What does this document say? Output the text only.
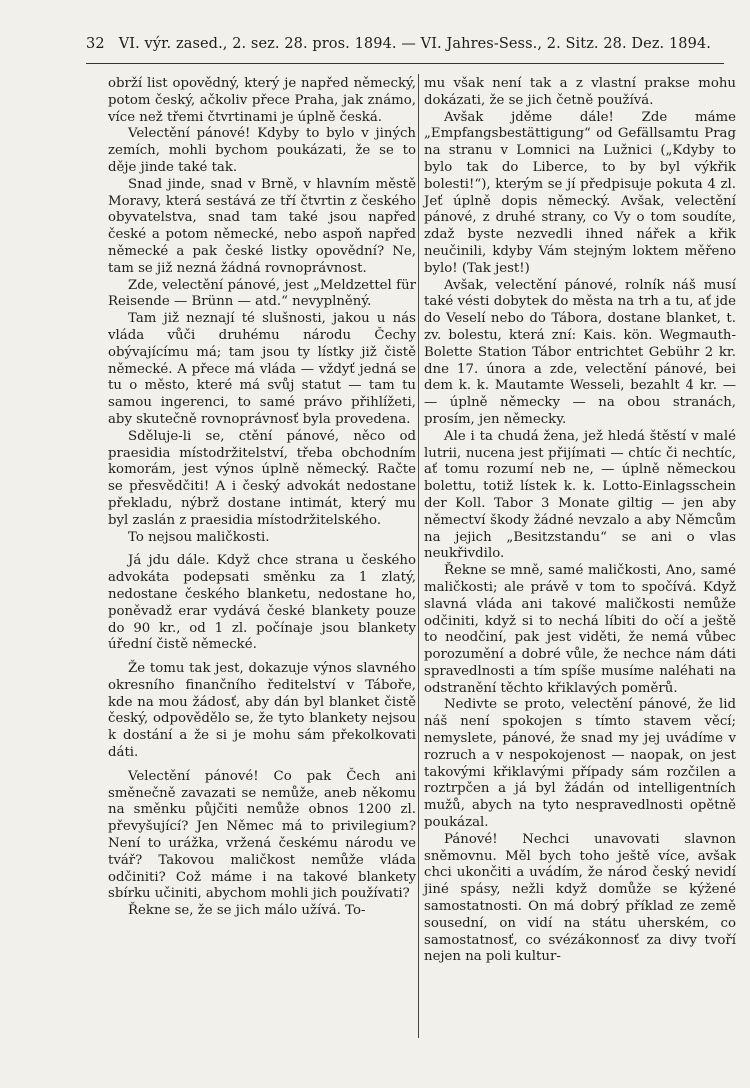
32 VI. výr. zased., 2. sez. 28. pros. 1894. — VI. Jahres-Sess., 2. Sitz. 28. Dez. 1894.

obrží list opovědný, který je napřed německý, potom český, ačkoliv přece Praha, jak známo, více než třemi čtvrtinami je úplně česká.

Velectění pánové! Kdyby to bylo v jiných zemích, mohli bychom poukázati, že se to děje jinde také tak.

Snad jinde, snad v Brně, v hlavním městě Moravy, která sestává ze tří čtvrtin z českého obyvatelstva, snad tam také jsou napřed české a potom německé, nebo aspoň napřed německé a pak české listky opovědní? Ne, tam se již nezná žádná rovnoprávnost.

Zde, velectění pánové, jest „Meldzettel für Reisende — Brünn — atd.“ nevyplněný.

Tam již neznají té slušnosti, jakou u nás vláda vůči druhému národu Čechy obývajícímu má; tam jsou ty lístky již čistě německé. A přece má vláda — vždyť jedná se tu o město, které má svůj statut — tam tu samou ingerenci, to samé právo přihlížeti, aby skutečně rovnoprávnosť byla provedena.

Sděluje-li se, ctění pánové, něco od praesidia místodržitelství, třeba obchodním komorám, jest výnos úplně německý. Račte se přesvědčiti! A i český advokát nedostane překladu, nýbrž dostane intimát, který mu byl zaslán z praesidia místodržitelského.

To nejsou maličkosti.

Já jdu dále. Když chce strana u českého advokáta podepsati směnku za 1 zlatý, nedostane českého blanketu, nedostane ho, poněvadž erar vydává české blankety pouze do 90 kr., od 1 zl. počínaje jsou blankety úřední čistě německé.

Že tomu tak jest, dokazuje výnos slavného okresního finančního ředitelství v Táboře, kde na mou žádosť, aby dán byl blanket čistě český, odpovědělo se, že tyto blankety nejsou k dostání a že si je mohu sám překolkovati dáti.

Velectění pánové! Co pak Čech ani směnečně zavazati se nemůže, aneb někomu na směnku půjčiti nemůže obnos 1200 zl. převyšující? Jen Němec má to privilegium? Není to urážka, vržená českému národu ve tvář? Takovou maličkost nemůže vláda odčiniti? Což máme i na takové blankety sbírku učiniti, abychom mohli jich používati?

Řekne se, že se jich málo užívá. To-

mu však není tak a z vlastní prakse mohu dokázati, že se jich četně používá.

Avšak jděme dále! Zde máme „Empfangsbestättigung“ od Gefällsamtu Prag na stranu v Lomnici na Lužnici („Kdyby to bylo tak do Liberce, to by byl výkřik bolesti!“), kterým se jí předpisuje pokuta 4 zl. Jeť úplně dopis německý. Avšak, velectění pánové, z druhé strany, co Vy o tom soudíte, zdaž byste nezvedli ihned nářek a křik neučinili, kdyby Vám stejným loktem měřeno bylo! (Tak jest!)

Avšak, velectění pánové, rolník náš musí také vésti dobytek do města na trh a tu, ať jde do Veselí nebo do Tábora, dostane blanket, t. zv. bolestu, která zní: Kais. kön. Wegmauth-Bolette Station Tábor entrichtet Gebühr 2 kr. dne 17. února a zde, velectění pánové, bei dem k. k. Mautamte Wesseli, bezahlt 4 kr. — — úplně německy — na obou stranách, prosím, jen německy.

Ale i ta chudá žena, jež hledá štěstí v malé lutrii, nucena jest přijímati — chtíc či nechtíc, ať tomu rozumí neb ne, — úplně německou bolettu, totiž lístek k. k. Lotto-Einlagsschein der Koll. Tabor 3 Monate giltig — jen aby němectví škody žádné nevzalo a aby Němcům na jejich „Besitzstandu“ se ani o vlas neukřivdilo.

Řekne se mně, samé maličkosti, Ano, samé maličkosti; ale právě v tom to spočívá. Když slavná vláda ani takové maličkosti nemůže odčiniti, když si to nechá líbiti do očí a ještě to neodčiní, pak jest viděti, že nemá vůbec porozumění a dobré vůle, že nechce nám dáti spravedlnosti a tím spíše musíme naléhati na odstranění těchto křiklavých poměrů.

Nedivte se proto, velectění pánové, že lid náš není spokojen s tímto stavem věcí; nemyslete, pánové, že snad my jej uvádíme v rozruch a v nespokojenost — naopak, on jest takovými křiklavými případy sám rozčilen a roztrpčen a já byl žádán od intelligentních mužů, abych na tyto nespravedlnosti opětně poukázal.

Pánové! Nechci unavovati slavnon sněmovnu. Měl bych toho ještě více, avšak chci ukončiti a uvádím, že národ český nevidí jiné spásy, nežli když domůže se kýžené samostatnosti. On má dobrý příklad ze země sousední, on vidí na státu uherském, co samostatnosť, co svézákonnosť za divy tvoří nejen na poli kultur-
